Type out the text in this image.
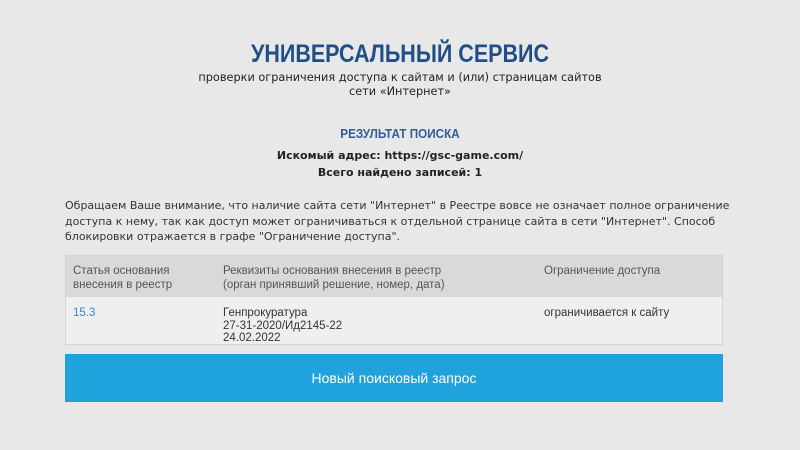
УНИВЕРСАЛЬНЫЙ СЕРВИС
проверки ограничения доступа к сайтам и (или) страницам сайтов
сети «Интернет»
РЕЗУЛЬТАТ ПОИСКА
Искомый адрес: https://gsc-game.com/
Всего найдено записей: 1
Обращаем Ваше внимание, что наличие сайта сети "Интернет" в Реестре вовсе не означает полное ограничение доступа к нему, так как доступ может ограничиваться к отдельной странице сайта в сети "Интернет". Способ блокировки отражается в графе "Ограничение доступа".
Статья основания
внесения в реестр
Реквизиты основания внесения в реестр
(орган принявший решение, номер, дата)
Ограничение доступа
15.3	Генпрокуратура
27-31-2020/Ид2145-22
24.02.2022
ограничивается к сайту
Новый поисковый запрос
